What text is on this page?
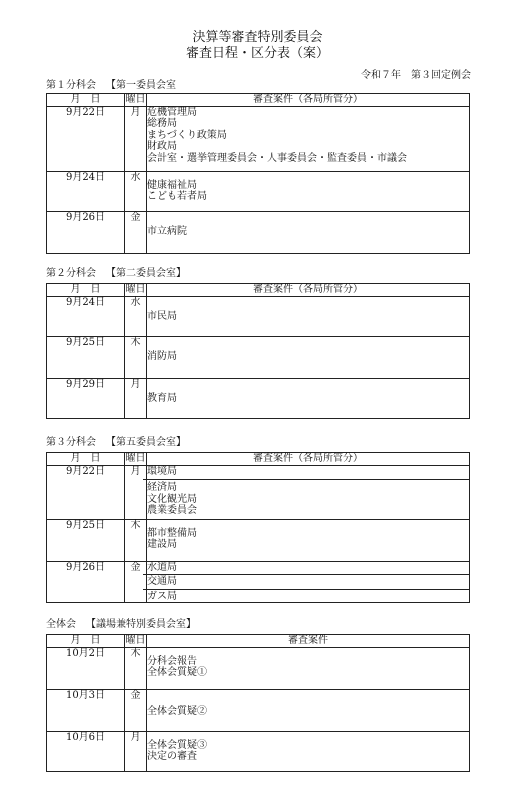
決算等審査特別委員会
審査日程・区分表（案）
令和７年　第３回定例会
第１分科会 【第一委員会室
月　日	曜日	審査案件（各局所管分）
9月22日	月	危機管理局
総務局
まちづくり政策局
財政局
会計室・選挙管理委員会・人事委員会・監査委員・市議会

9月24日	水	健康福祉局
こども若者局

9月26日	金	市立病院
第２分科会 【第二委員会室】
月　日	曜日	審査案件（各局所管分）
9月24日	水	市民局

9月25日	木	消防局

9月29日	月	教育局
第３分科会 【第五委員会室】
月　日	曜日	審査案件（各局所管分）
9月22日	月	環境局
経済局
文化観光局
農業委員会

9月25日	木	都市整備局
建設局

9月26日	金	水道局
交通局
ガス局
全体会 【議場兼特別委員会室】
月　日	曜日	審査案件
10月2日	木	分科会報告
全体会質疑①

10月3日	金	全体会質疑②

10月6日	月	全体会質疑③
決定の審査
